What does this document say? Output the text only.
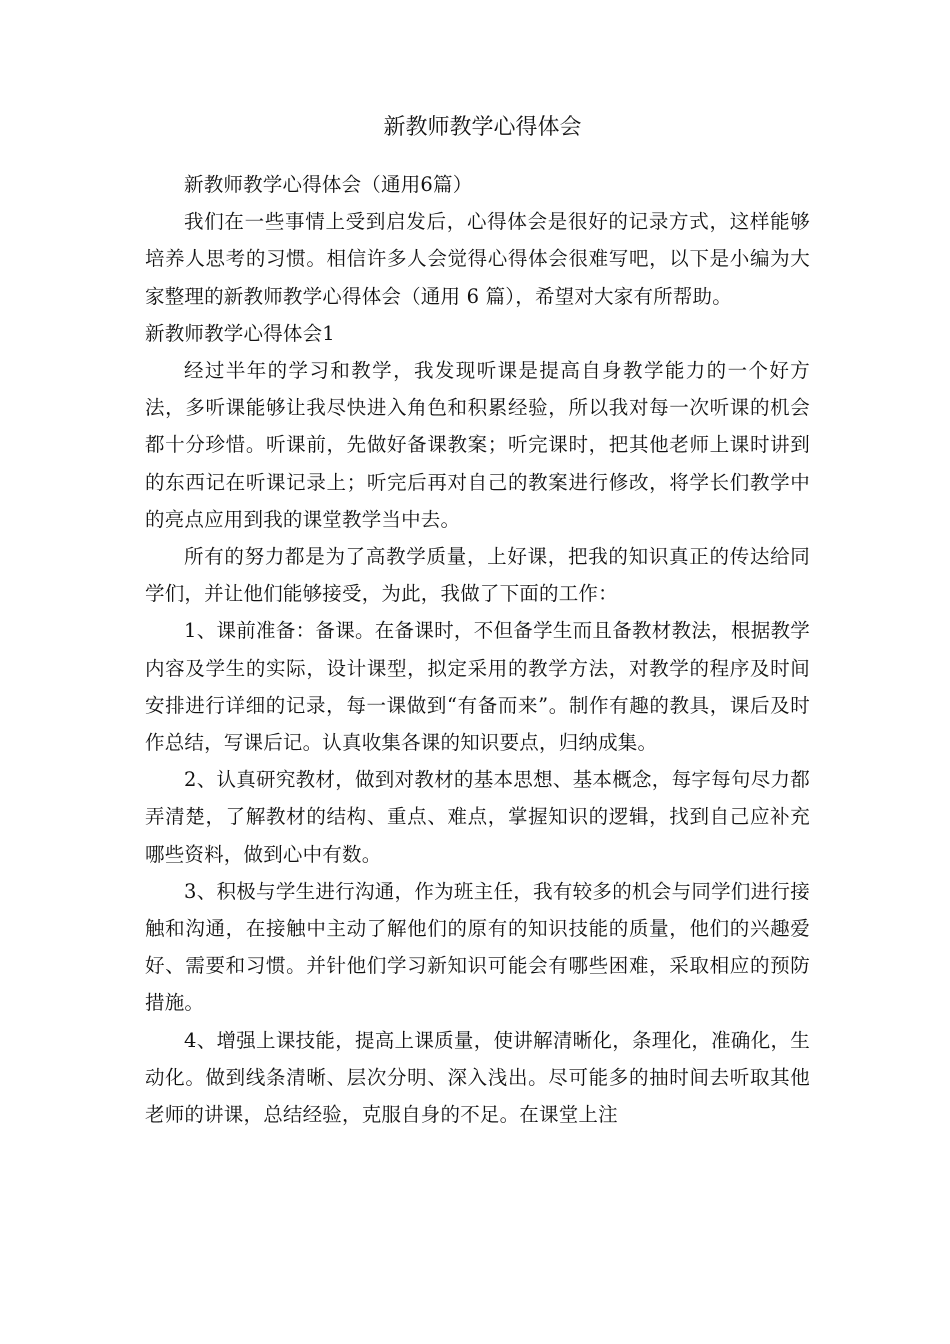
新教师教学心得体会

新教师教学心得体会（通用6篇）

我们在一些事情上受到启发后，心得体会是很好的记录方式，这样能够培养人思考的习惯。相信许多人会觉得心得体会很难写吧，以下是小编为大家整理的新教师教学心得体会（通用 6 篇），希望对大家有所帮助。

新教师教学心得体会1

经过半年的学习和教学，我发现听课是提高自身教学能力的一个好方法，多听课能够让我尽快进入角色和积累经验，所以我对每一次听课的机会都十分珍惜。听课前，先做好备课教案；听完课时，把其他老师上课时讲到的东西记在听课记录上；听完后再对自己的教案进行修改，将学长们教学中的亮点应用到我的课堂教学当中去。

所有的努力都是为了高教学质量，上好课，把我的知识真正的传达给同学们，并让他们能够接受，为此，我做了下面的工作：

1、课前准备：备课。在备课时，不但备学生而且备教材教法，根据教学内容及学生的实际，设计课型，拟定采用的教学方法，对教学的程序及时间安排进行详细的记录，每一课做到“有备而来”。制作有趣的教具，课后及时作总结，写课后记。认真收集各课的知识要点，归纳成集。

2、认真研究教材，做到对教材的基本思想、基本概念，每字每句尽力都弄清楚，了解教材的结构、重点、难点，掌握知识的逻辑，找到自己应补充哪些资料，做到心中有数。

3、积极与学生进行沟通，作为班主任，我有较多的机会与同学们进行接触和沟通，在接触中主动了解他们的原有的知识技能的质量，他们的兴趣爱好、需要和习惯。并针他们学习新知识可能会有哪些困难，采取相应的预防措施。

4、增强上课技能，提高上课质量，使讲解清晰化，条理化，准确化，生动化。做到线条清晰、层次分明、深入浅出。尽可能多的抽时间去听取其他老师的讲课，总结经验，克服自身的不足。在课堂上注
